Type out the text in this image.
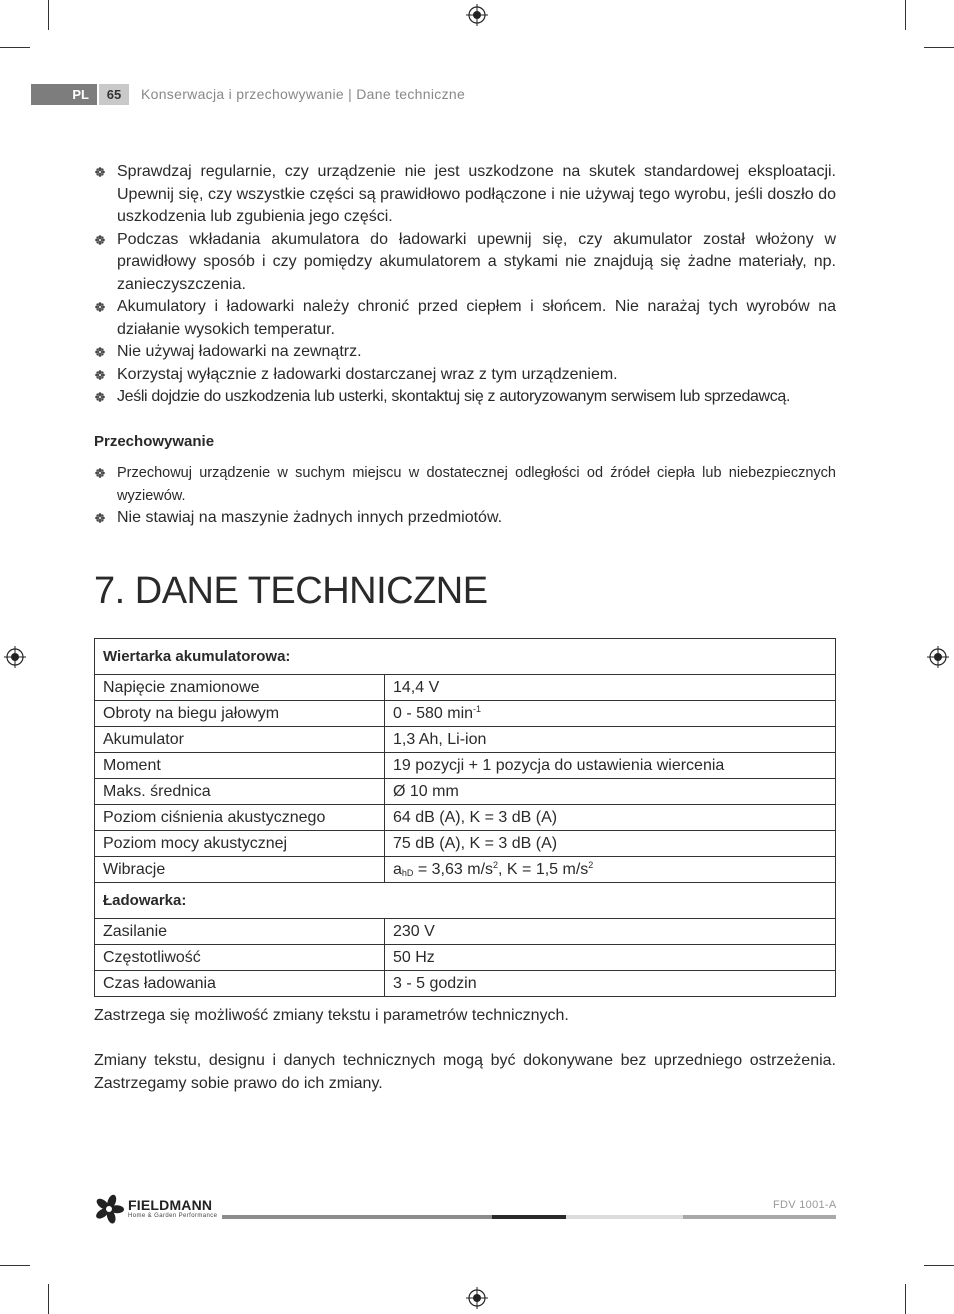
PL	65	Konserwacja i przechowywanie | Dane techniczne
Sprawdzaj regularnie, czy urządzenie nie jest uszkodzone na skutek standardowej eksploatacji. Upewnij się, czy wszystkie części są prawidłowo podłączone i nie używaj tego wyrobu, jeśli doszło do uszkodzenia lub zgubienia jego części.
Podczas wkładania akumulatora do ładowarki upewnij się, czy akumulator został włożony w prawidłowy sposób i czy pomiędzy akumulatorem a stykami nie znajdują się żadne materiały, np. zanieczyszczenia.
Akumulatory i ładowarki należy chronić przed ciepłem i słońcem. Nie narażaj tych wyrobów na działanie wysokich temperatur.
Nie używaj ładowarki na zewnątrz.
Korzystaj wyłącznie z ładowarki dostarczanej wraz z tym urządzeniem.
Jeśli dojdzie do uszkodzenia lub usterki, skontaktuj się z autoryzowanym serwisem lub sprzedawcą.
Przechowywanie
Przechowuj urządzenie w suchym miejscu w dostatecznej odległości od źródeł ciepła lub niebezpiecznych wyziewów.
Nie stawiaj na maszynie żadnych innych przedmiotów.
7. DANE TECHNICZNE
Wiertarka akumulatorowa:	
Napięcie znamionowe	14,4 V
Obroty na biegu jałowym	0 - 580 $\min^{-1}$
Akumulator	1,3 Ah, Li-ion
Moment	19 pozycji + 1 pozycja do ustawienia wiercenia
Maks. średnica	Ø 10 mm
Poziom ciśnienia akustycznego	64 dB (A), K = 3 dB (A)
Poziom mocy akustycznej	75 dB (A), K = 3 dB (A)
Wibracje	$a_{hD} = 3,63$ $m/s^2$, K = 1,5 $m/s^2$
Ładowarka:	
Zasilanie	230 V
Częstotliwość	50 Hz
Czas ładowania	3 - 5 godzin
Zastrzega się możliwość zmiany tekstu i parametrów technicznych.
Zmiany tekstu, designu i danych technicznych mogą być dokonywane bez uprzedniego ostrzeżenia. Zastrzegamy sobie prawo do ich zmiany.
FIELDMANN
Home & Garden Performance
FDV 1001-A
